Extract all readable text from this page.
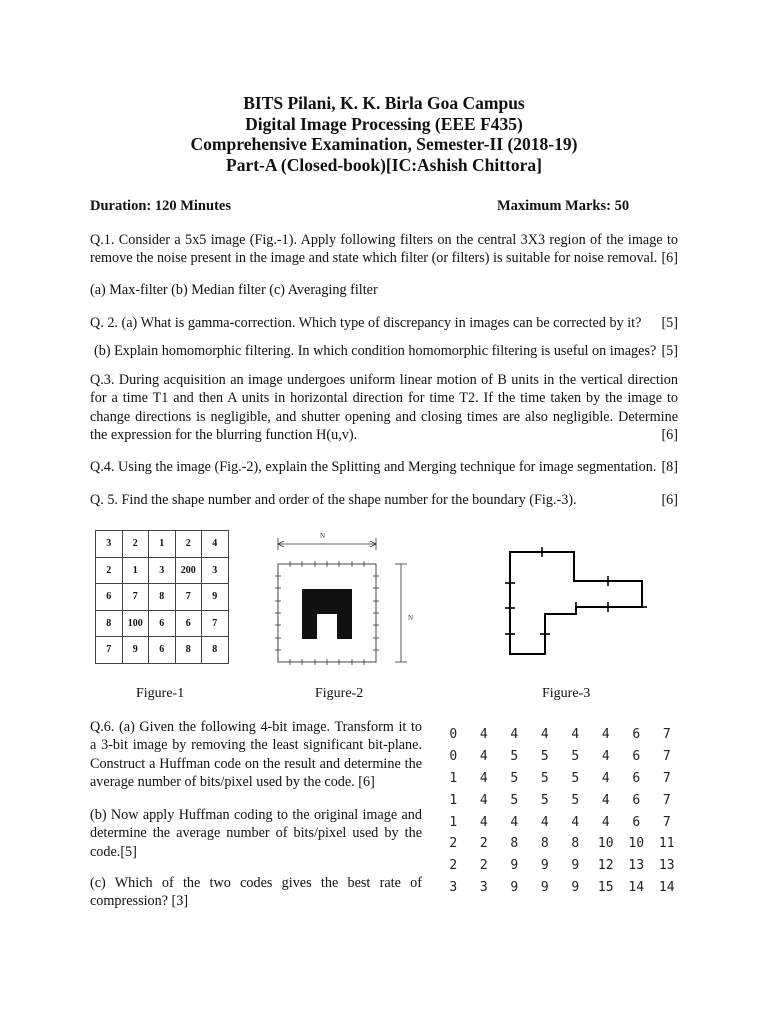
BITS Pilani, K. K. Birla Goa Campus
Digital Image Processing (EEE F435)
Comprehensive Examination, Semester-II (2018-19)
Part-A (Closed-book)[IC:Ashish Chittora]
Duration: 120 Minutes	Maximum Marks: 50
Q.1. Consider a 5x5 image (Fig.-1). Apply following filters on the central 3X3 region of the image to remove the noise present in the image and state which filter (or filters) is suitable for noise removal. [6]
(a) Max-filter (b) Median filter (c) Averaging filter
Q. 2. (a) What is gamma-correction. Which type of discrepancy in images can be corrected by it? [5]
(b) Explain homomorphic filtering. In which condition homomorphic filtering is useful on images? [5]
Q.3. During acquisition an image undergoes uniform linear motion of B units in the vertical direction for a time T1 and then A units in horizontal direction for time T2. If the time taken by the image to change directions is negligible, and shutter opening and closing times are also negligible. Determine the expression for the blurring function H(u,v).	[6]
Q.4. Using the image (Fig.-2), explain the Splitting and Merging technique for image segmentation. [8]
Q. 5. Find the shape number and order of the shape number for the boundary (Fig.-3).	[6]
3	2	1	2	4
2	1	3	200	3
6	7	8	7	9
8	100	6	6	7
7	9	6	8	8
N
N
Figure-1	Figure-2	Figure-3
Q.6. (a) Given the following 4-bit image. Transform it to a 3-bit image by removing the least significant bit-plane. Construct a Huffman code on the result and determine the average number of bits/pixel used by the code. [6]
(b) Now apply Huffman coding to the original image and determine the average number of bits/pixel used by the code.[5]
(c) Which of the two codes gives the best rate of compression? [3]
0	4	4	4	4	4	6	7
0	4	5	5	5	4	6	7
1	4	5	5	5	4	6	7
1	4	5	5	5	4	6	7
1	4	4	4	4	4	6	7
2	2	8	8	8	10	10	11
2	2	9	9	9	12	13	13
3	3	9	9	9	15	14	14
